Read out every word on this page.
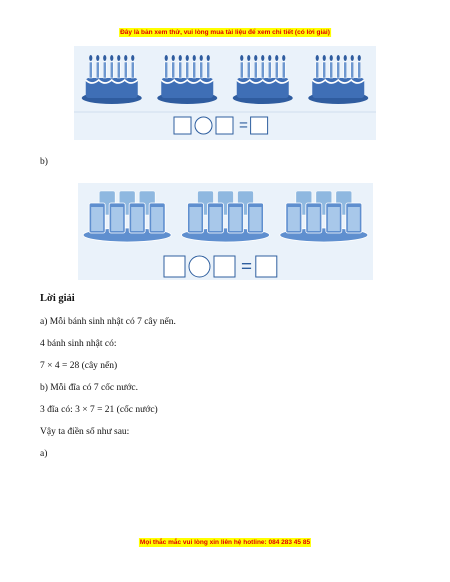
Đây là bản xem thử, vui lòng mua tài liệu để xem chi tiết (có lời giải)
=
b)
=
Lời giải
a) Mỗi bánh sinh nhật có 7 cây nến.
4 bánh sinh nhật có:
7 × 4 = 28 (cây nến)
b) Mỗi đĩa có 7 cốc nước.
3 đĩa có: 3 × 7 = 21 (cốc nước)
Vậy ta điền số như sau:
a)
Mọi thắc mắc vui lòng xin liên hệ hotline: 084 283 45 85
